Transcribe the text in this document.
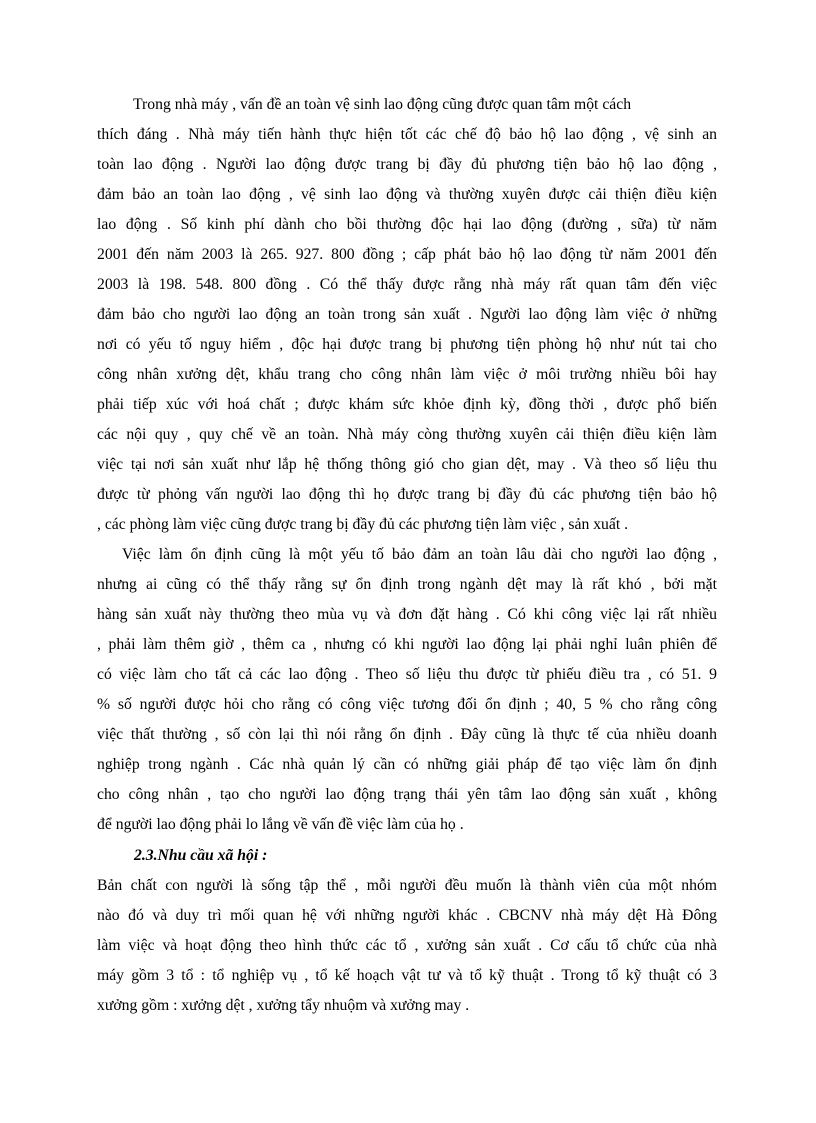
Trong nhà máy , vấn đề an toàn vệ sinh lao động cũng được quan tâm một cách

thích đáng . Nhà máy tiến hành thực hiện tốt các chế độ bảo hộ lao động , vệ sinh an

toàn lao động . Người lao động được trang bị đầy đủ phương tiện bảo hộ lao động ,

đảm bảo an toàn lao động , vệ sinh lao động và thường xuyên được cải thiện điều kiện

lao động . Số kinh phí dành cho bồi thường độc hại lao động (đường , sữa) từ năm

2001 đến năm 2003 là 265. 927. 800 đồng ; cấp phát bảo hộ lao động từ năm 2001 đến

2003 là 198. 548. 800 đồng . Có thể thấy được rằng nhà máy rất quan tâm đến việc

đảm bảo cho người lao động an toàn trong sản xuất . Người lao động làm việc ở những

nơi có yếu tố nguy hiểm , độc hại được trang bị phương tiện phòng hộ như nút tai cho

công nhân xưởng dệt, khẩu trang cho công nhân làm việc ở môi trường nhiều bôi hay

phải tiếp xúc với hoá chất ; được khám sức khỏe định kỳ, đồng thời , được phổ biến

các nội quy , quy chế về an toàn. Nhà máy còng thường xuyên cải thiện điều kiện làm

việc tại nơi sản xuất như lắp hệ thống thông gió cho gian dệt, may . Và theo số liệu thu

được từ phỏng vấn người lao động thì họ được trang bị đầy đủ các phương tiện bảo hộ

, các phòng làm việc cũng được trang bị đầy đủ các phương tiện làm việc , sản xuất .

Việc làm ổn định cũng là một yếu tố bảo đảm an toàn lâu dài cho người lao động ,

nhưng ai cũng có thể thấy rằng sự ổn định trong ngành dệt may là rất khó , bởi mặt

hàng sản xuất này thường theo mùa vụ và đơn đặt hàng . Có khi công việc lại rất nhiều

, phải làm thêm giờ , thêm ca , nhưng có khi người lao động lại phải nghỉ luân phiên để

có việc làm cho tất cả các lao động . Theo số liệu thu được từ phiếu điều tra , có 51. 9

% số người được hỏi cho rằng có công việc tương đối ổn định ; 40, 5 % cho rằng công

việc thất thường , số còn lại thì nói rằng ổn định . Đây cũng là thực tế của nhiều doanh

nghiệp trong ngành . Các nhà quản lý cần có những giải pháp để tạo việc làm ổn định

cho công nhân , tạo cho người lao động trạng thái yên tâm lao động sản xuất , không

để người lao động phải lo lắng về vấn đề việc làm của họ .

2.3.Nhu cầu xã hội :

Bản chất con người là sống tập thể , mỗi người đều muốn là thành viên của một nhóm

nào đó và duy trì mối quan hệ với những người khác . CBCNV nhà máy dệt Hà Đông

làm việc và hoạt động theo hình thức các tổ , xưởng sản xuất . Cơ cấu tổ chức của nhà

máy gồm 3 tổ : tổ nghiệp vụ , tổ kế hoạch vật tư và tổ kỹ thuật . Trong tổ kỹ thuật có 3

xưởng gồm : xưởng dệt , xưởng tẩy nhuộm và xưởng may .
